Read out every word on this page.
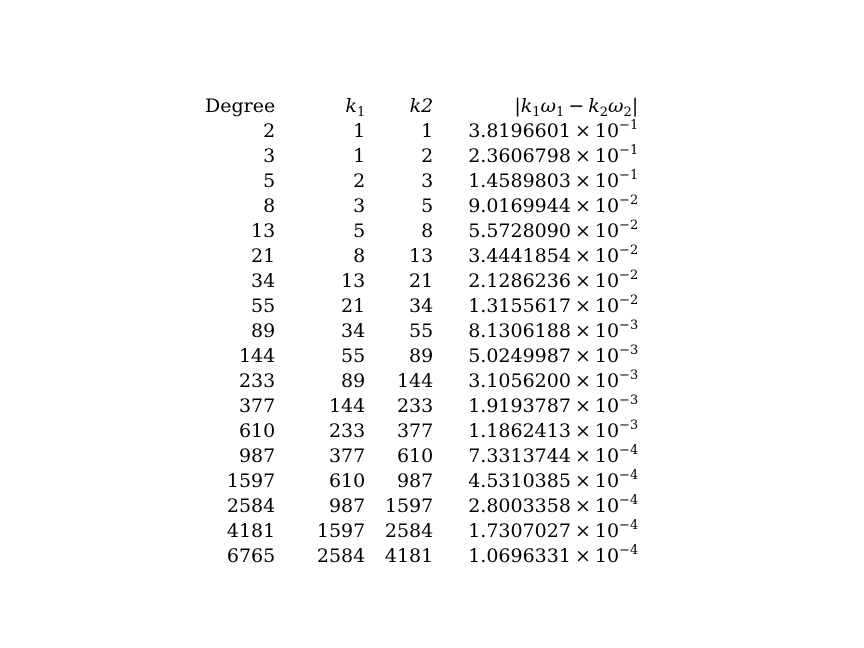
Degree	$k_1$	k2	$|k_1\omega_1 - k_2\omega_2|$
2	1	1	$3.8196601 \times 10^{-1}$
3	1	2	$2.3606798 \times 10^{-1}$
5	2	3	$1.4589803 \times 10^{-1}$
8	3	5	$9.0169944 \times 10^{-2}$
13	5	8	$5.5728090 \times 10^{-2}$
21	8	13	$3.4441854 \times 10^{-2}$
34	13	21	$2.1286236 \times 10^{-2}$
55	21	34	$1.3155617 \times 10^{-2}$
89	34	55	$8.1306188 \times 10^{-3}$
144	55	89	$5.0249987 \times 10^{-3}$
233	89	144	$3.1056200 \times 10^{-3}$
377	144	233	$1.9193787 \times 10^{-3}$
610	233	377	$1.1862413 \times 10^{-3}$
987	377	610	$7.3313744 \times 10^{-4}$
1597	610	987	$4.5310385 \times 10^{-4}$
2584	987	1597	$2.8003358 \times 10^{-4}$
4181	1597	2584	$1.7307027 \times 10^{-4}$
6765	2584	4181	$1.0696331 \times 10^{-4}$
